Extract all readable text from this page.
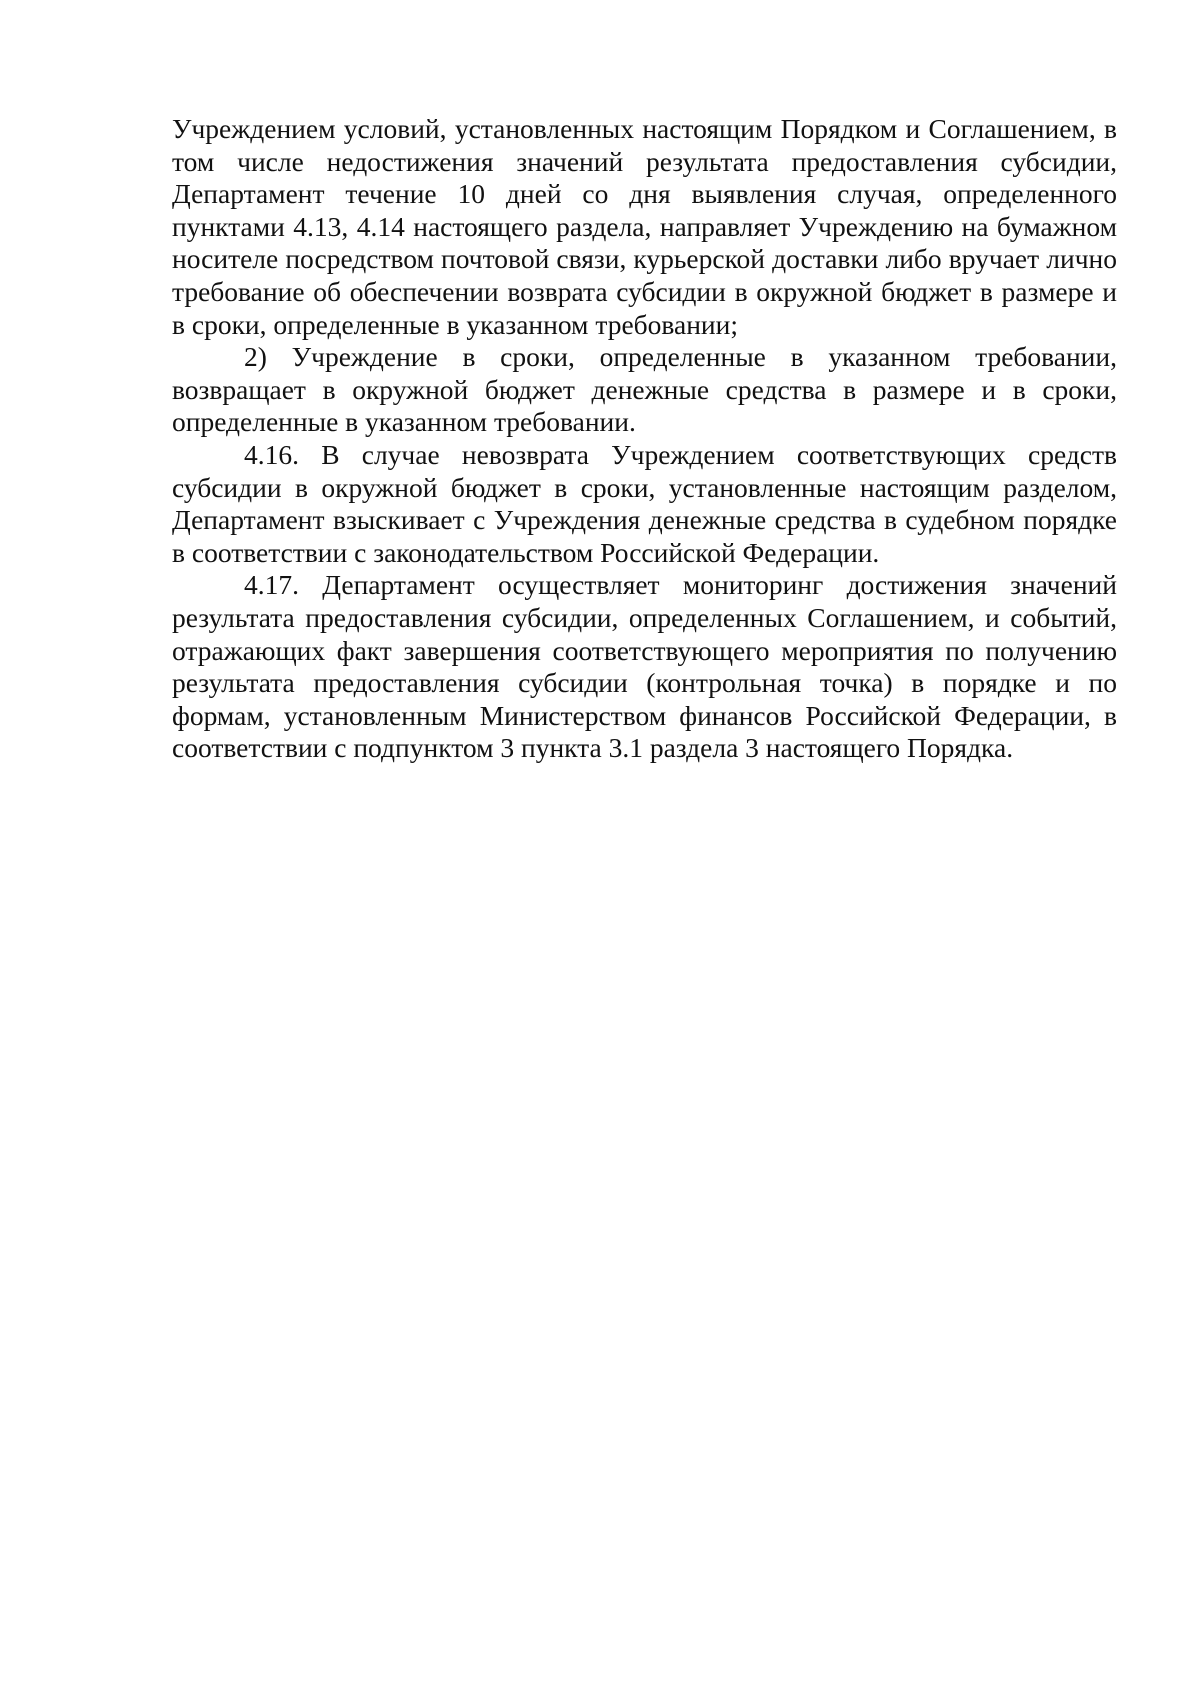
Учреждением условий, установленных настоящим Порядком и Соглашением, в том числе недостижения значений результата предоставления субсидии, Департамент течение 10 дней со дня выявления случая, определенного пунктами 4.13, 4.14 настоящего раздела, направляет Учреждению на бумажном носителе посредством почтовой связи, курьерской доставки либо вручает лично требование об обеспечении возврата субсидии в окружной бюджет в размере и в сроки, определенные в указанном требовании;

2) Учреждение в сроки, определенные в указанном требовании, возвращает в окружной бюджет денежные средства в размере и в сроки, определенные в указанном требовании.

4.16. В случае невозврата Учреждением соответствующих средств субсидии в окружной бюджет в сроки, установленные настоящим разделом, Департамент взыскивает с Учреждения денежные средства в судебном порядке в соответствии с законодательством Российской Федерации.

4.17. Департамент осуществляет мониторинг достижения значений результата предоставления субсидии, определенных Соглашением, и событий, отражающих факт завершения соответствующего мероприятия по получению результата предоставления субсидии (контрольная точка) в порядке и по формам, установленным Министерством финансов Российской Федерации, в соответствии с подпунктом 3 пункта 3.1 раздела 3 настоящего Порядка.
